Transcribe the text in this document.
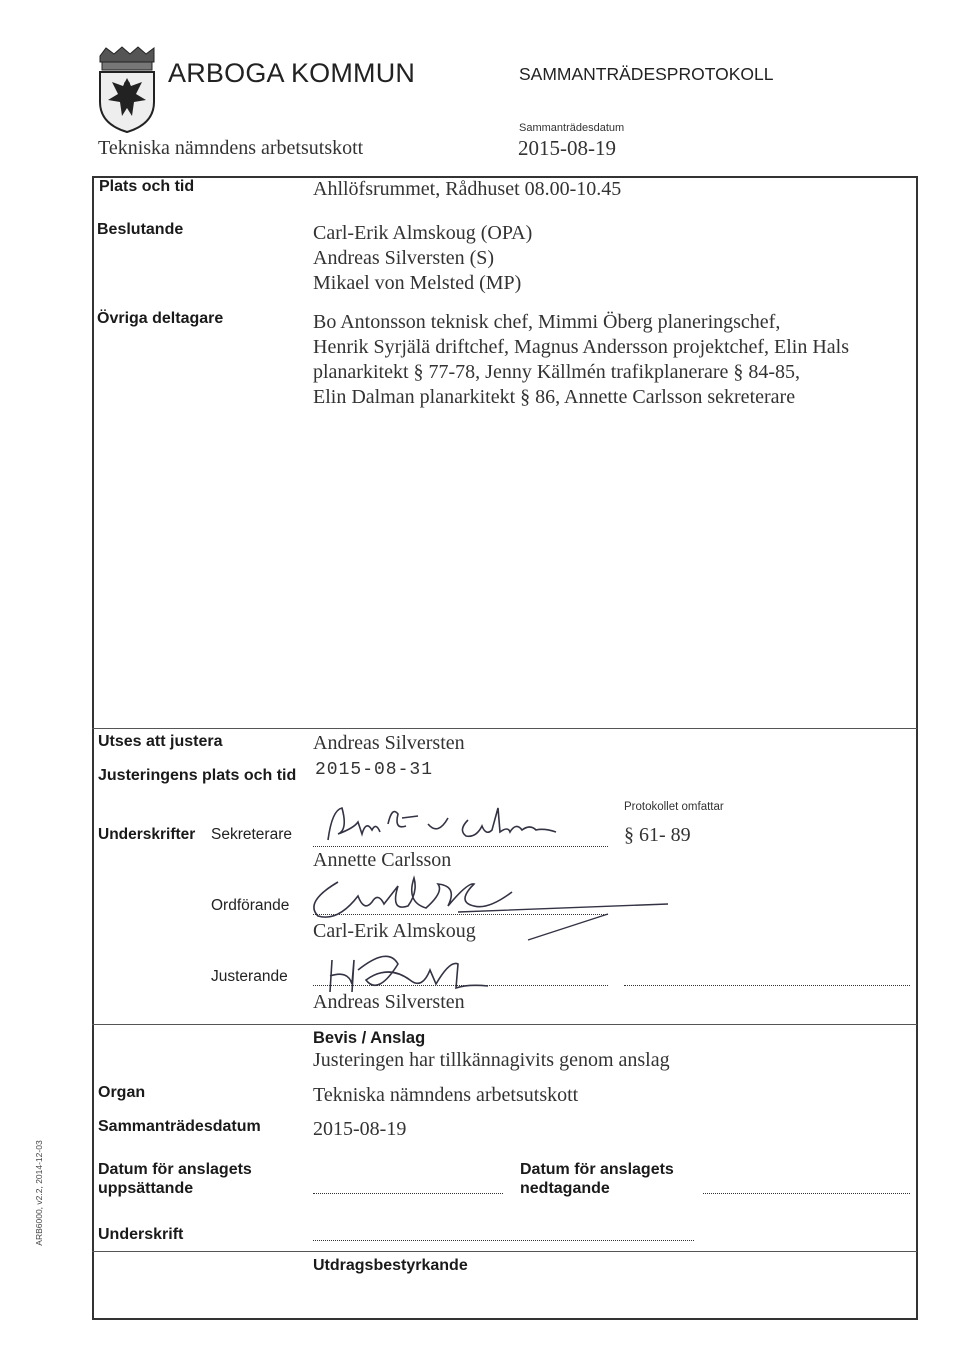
ARBOGA KOMMUN	SAMMANTRÄDESPROTOKOLL
Tekniska nämndens arbetsutskott
Sammanträdesdatum
2015-08-19
Plats och tid	Ahllöfsrummet, Rådhuset 08.00-10.45
Beslutande	Carl-Erik Almskoug (OPA)
Andreas Silversten (S)
Mikael von Melsted (MP)
Övriga deltagare	Bo Antonsson teknisk chef, Mimmi Öberg planeringschef,
Henrik Syrjälä driftchef, Magnus Andersson projektchef, Elin Hals
planarkitekt § 77-78, Jenny Källmén trafikplanerare § 84-85,
Elin Dalman planarkitekt § 86, Annette Carlsson sekreterare
Utses att justera	Andreas Silversten
Justeringens plats och tid 2015-08-31
Underskrifter Sekreterare
Annette Carlsson
Protokollet omfattar
§ 61- 89
Ordförande
Carl-Erik Almskoug
Justerande
Andreas Silversten
Bevis / Anslag
Justeringen har tillkännagivits genom anslag
Organ	Tekniska nämndens arbetsutskott
Sammanträdesdatum	2015-08-19
Datum för anslagets
uppsättande
Datum för anslagets
nedtagande
Underskrift
Utdragsbestyrkande
ARB6000, v2.2, 2014-12-03
